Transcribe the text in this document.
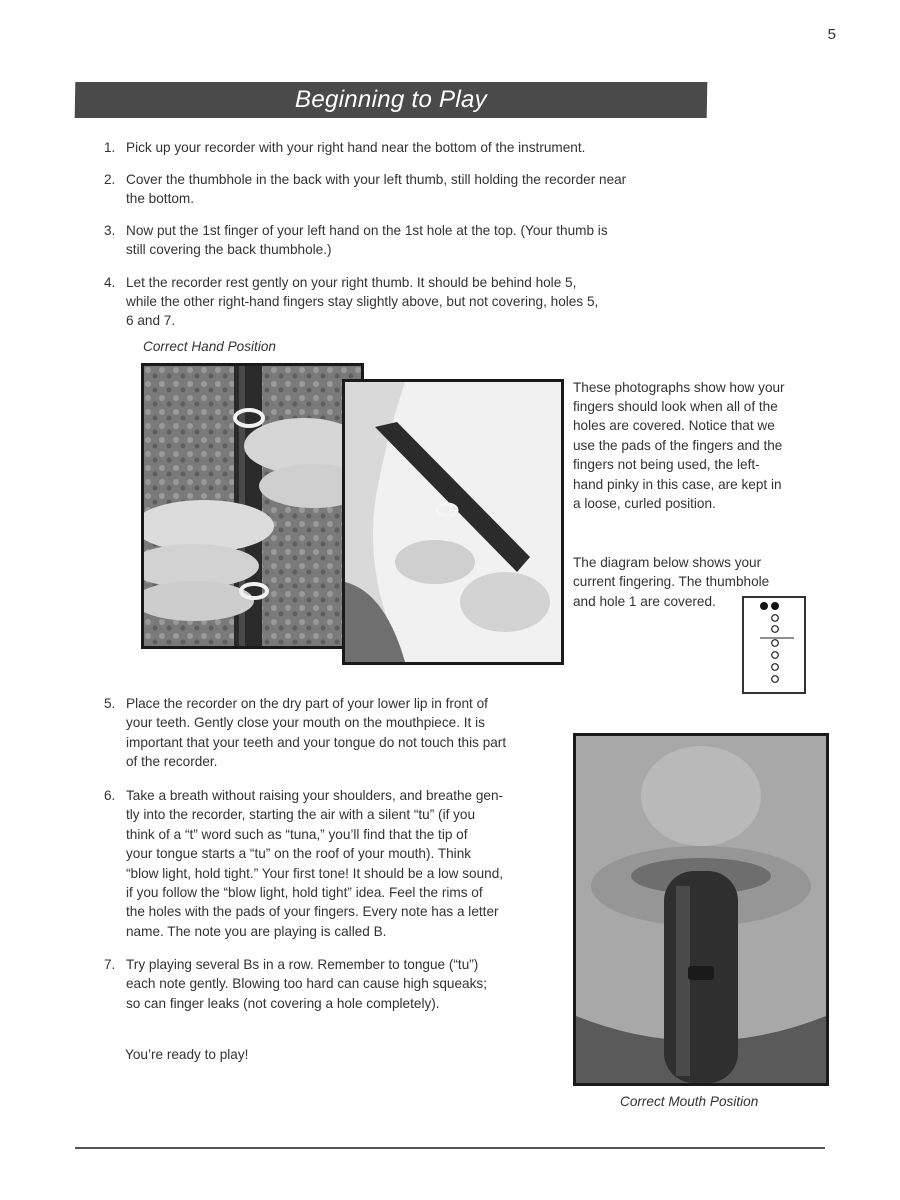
5
Beginning to Play
1. Pick up your recorder with your right hand near the bottom of the instrument.
2. Cover the thumbhole in the back with your left thumb, still holding the recorder near
the bottom.
3. Now put the 1st finger of your left hand on the 1st hole at the top. (Your thumb is
still covering the back thumbhole.)
4. Let the recorder rest gently on your right thumb. It should be behind hole 5,
while the other right-hand fingers stay slightly above, but not covering, holes 5,
6 and 7.
Correct Hand Position
These photographs show how your
fingers should look when all of the
holes are covered. Notice that we
use the pads of the fingers and the
fingers not being used, the left-
hand pinky in this case, are kept in
a loose, curled position.
The diagram below shows your
current fingering. The thumbhole
and hole 1 are covered.
5. Place the recorder on the dry part of your lower lip in front of
your teeth. Gently close your mouth on the mouthpiece. It is
important that your teeth and your tongue do not touch this part
of the recorder.
6. Take a breath without raising your shoulders, and breathe gen-
tly into the recorder, starting the air with a silent “tu” (if you
think of a “t” word such as “tuna,” you’ll find that the tip of
your tongue starts a “tu” on the roof of your mouth). Think
“blow light, hold tight.” Your first tone! It should be a low sound,
if you follow the “blow light, hold tight” idea. Feel the rims of
the holes with the pads of your fingers. Every note has a letter
name. The note you are playing is called B.
7. Try playing several Bs in a row. Remember to tongue (“tu”)
each note gently. Blowing too hard can cause high squeaks;
so can finger leaks (not covering a hole completely).
You’re ready to play!
Correct Mouth Position
